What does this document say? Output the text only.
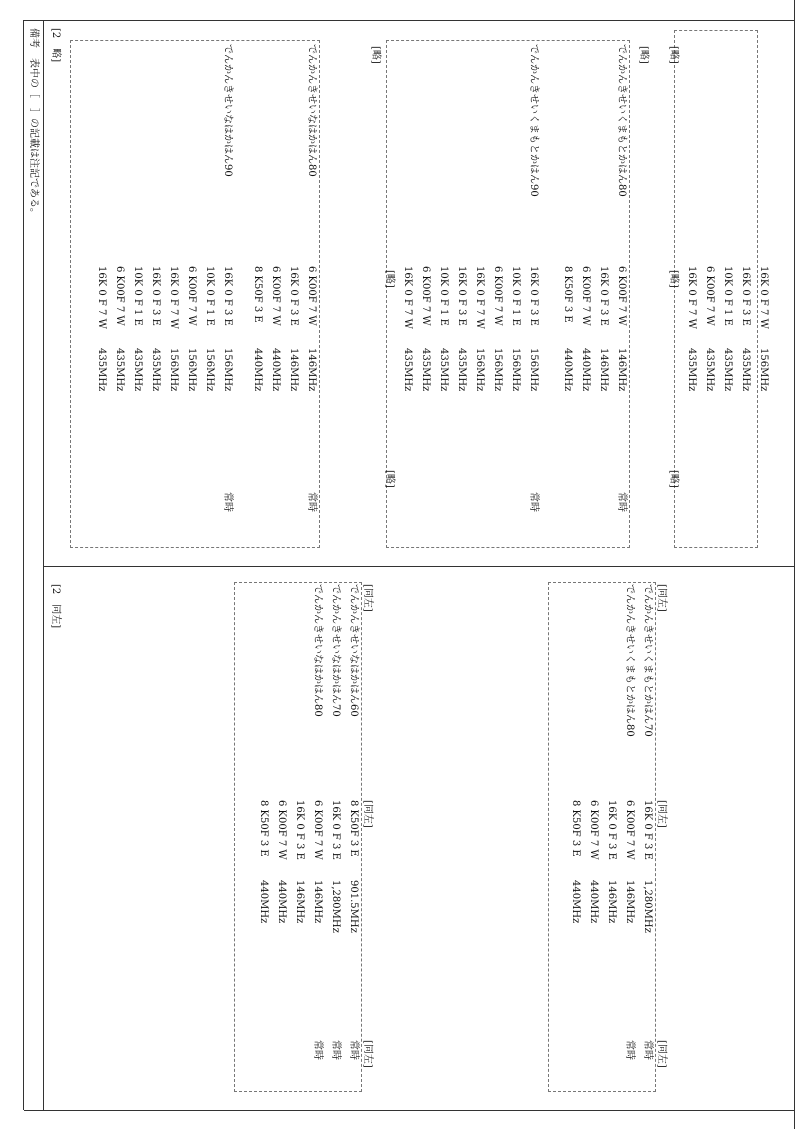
[略]
16K 0 F 7 W
156MHz
16K 0 F 3 E
435MHz
10K 0 F 1 E
435MHz
6 K00F 7 W
435MHz
16K 0 F 7 W
435MHz
[略]
[略]
[略]
でんかんきせいくまもとかはん80
6 K00F 7 W
146MHz
16K 0 F 3 E
146MHz
6 K00F 7 W
440MHz
8 K50F 3 E
440MHz
常時
でんかんきせいくまもとかはん90
16K 0 F 3 E
156MHz
10K 0 F 1 E
156MHz
6 K00F 7 W
156MHz
16K 0 F 7 W
156MHz
16K 0 F 3 E
435MHz
10K 0 F 1 E
435MHz
6 K00F 7 W
435MHz
16K 0 F 7 W
435MHz
常時
[略]
[略]
[略]
でんかんきせいなはかはん80
6 K00F 7 W
146MHz
16K 0 F 3 E
146MHz
6 K00F 7 W
440MHz
8 K50F 3 E
440MHz
常時
でんかんきせいなはかはん90
16K 0 F 3 E
156MHz
10K 0 F 1 E
156MHz
6 K00F 7 W
156MHz
16K 0 F 7 W
156MHz
16K 0 F 3 E
435MHz
10K 0 F 1 E
435MHz
6 K00F 7 W
435MHz
16K 0 F 7 W
435MHz
常時
[2　略]
[同左]
でんかんきせいくまもとかはん70
でんかんきせいくまもとかはん80
[同左]
16K 0 F 3 E
1,280MHz
6 K00F 7 W
146MHz
16K 0 F 3 E
146MHz
6 K00F 7 W
440MHz
8 K50F 3 E
440MHz
[同左]
常時
常時
[同左]
でんかんきせいなはかはん60
でんかんきせいなはかはん70
でんかんきせいなはかはん80
[同左]
8 K50F 3 E
901.5MHz
16K 0 F 3 E
1,280MHz
6 K00F 7 W
146MHz
16K 0 F 3 E
146MHz
6 K00F 7 W
440MHz
8 K50F 3 E
440MHz
[同左]
常時
常時
常時
[2　同左]
備考　表中の［　］の記載は注記である。
